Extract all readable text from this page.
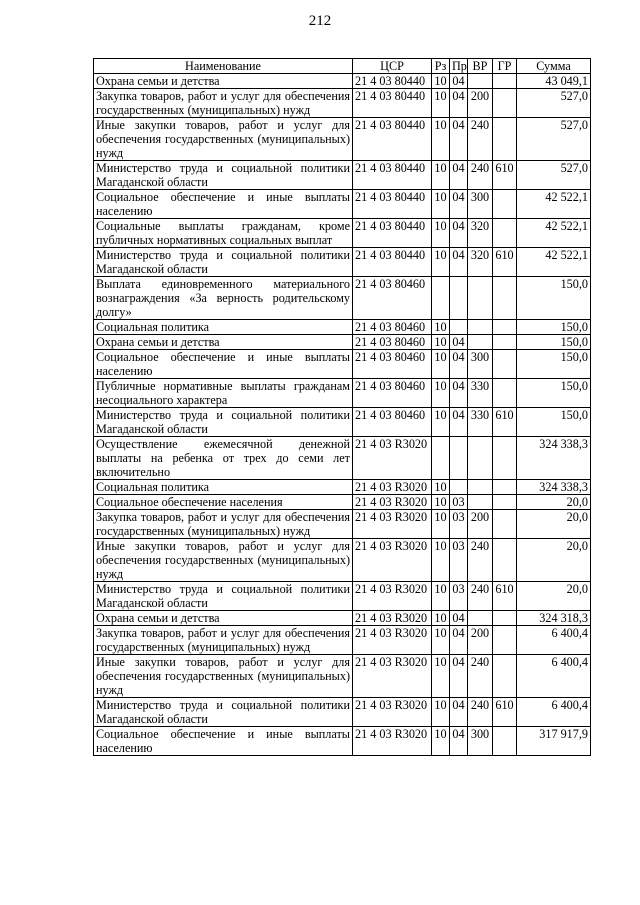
212
Наименование	ЦСР	Рз	Пр	ВР	ГР	Сумма
Охрана семьи и детства	21 4 03 80440	10	04			43 049,1
Закупка товаров, работ и услуг для обеспечения государственных (муниципальных) нужд	21 4 03 80440	10	04	200		527,0
Иные закупки товаров, работ и услуг для обеспечения государственных (муниципальных) нужд	21 4 03 80440	10	04	240		527,0
Министерство труда и социальной политики Магаданской области	21 4 03 80440	10	04	240	610	527,0
Социальное обеспечение и иные выплаты населению	21 4 03 80440	10	04	300		42 522,1
Социальные выплаты гражданам, кроме публичных нормативных социальных выплат	21 4 03 80440	10	04	320		42 522,1
Министерство труда и социальной политики Магаданской области	21 4 03 80440	10	04	320	610	42 522,1
Выплата единовременного материального вознаграждения «За верность родительскому долгу»	21 4 03 80460					150,0
Социальная политика	21 4 03 80460	10				150,0
Охрана семьи и детства	21 4 03 80460	10	04			150,0
Социальное обеспечение и иные выплаты населению	21 4 03 80460	10	04	300		150,0
Публичные нормативные выплаты гражданам несоциального характера	21 4 03 80460	10	04	330		150,0
Министерство труда и социальной политики Магаданской области	21 4 03 80460	10	04	330	610	150,0
Осуществление ежемесячной денежной выплаты на ребенка от трех до семи лет включительно	21 4 03 R3020					324 338,3
Социальная политика	21 4 03 R3020	10				324 338,3
Социальное обеспечение населения	21 4 03 R3020	10	03			20,0
Закупка товаров, работ и услуг для обеспечения государственных (муниципальных) нужд	21 4 03 R3020	10	03	200		20,0
Иные закупки товаров, работ и услуг для обеспечения государственных (муниципальных) нужд	21 4 03 R3020	10	03	240		20,0
Министерство труда и социальной политики Магаданской области	21 4 03 R3020	10	03	240	610	20,0
Охрана семьи и детства	21 4 03 R3020	10	04			324 318,3
Закупка товаров, работ и услуг для обеспечения государственных (муниципальных) нужд	21 4 03 R3020	10	04	200		6 400,4
Иные закупки товаров, работ и услуг для обеспечения государственных (муниципальных) нужд	21 4 03 R3020	10	04	240		6 400,4
Министерство труда и социальной политики Магаданской области	21 4 03 R3020	10	04	240	610	6 400,4
Социальное обеспечение и иные выплаты населению	21 4 03 R3020	10	04	300		317 917,9
